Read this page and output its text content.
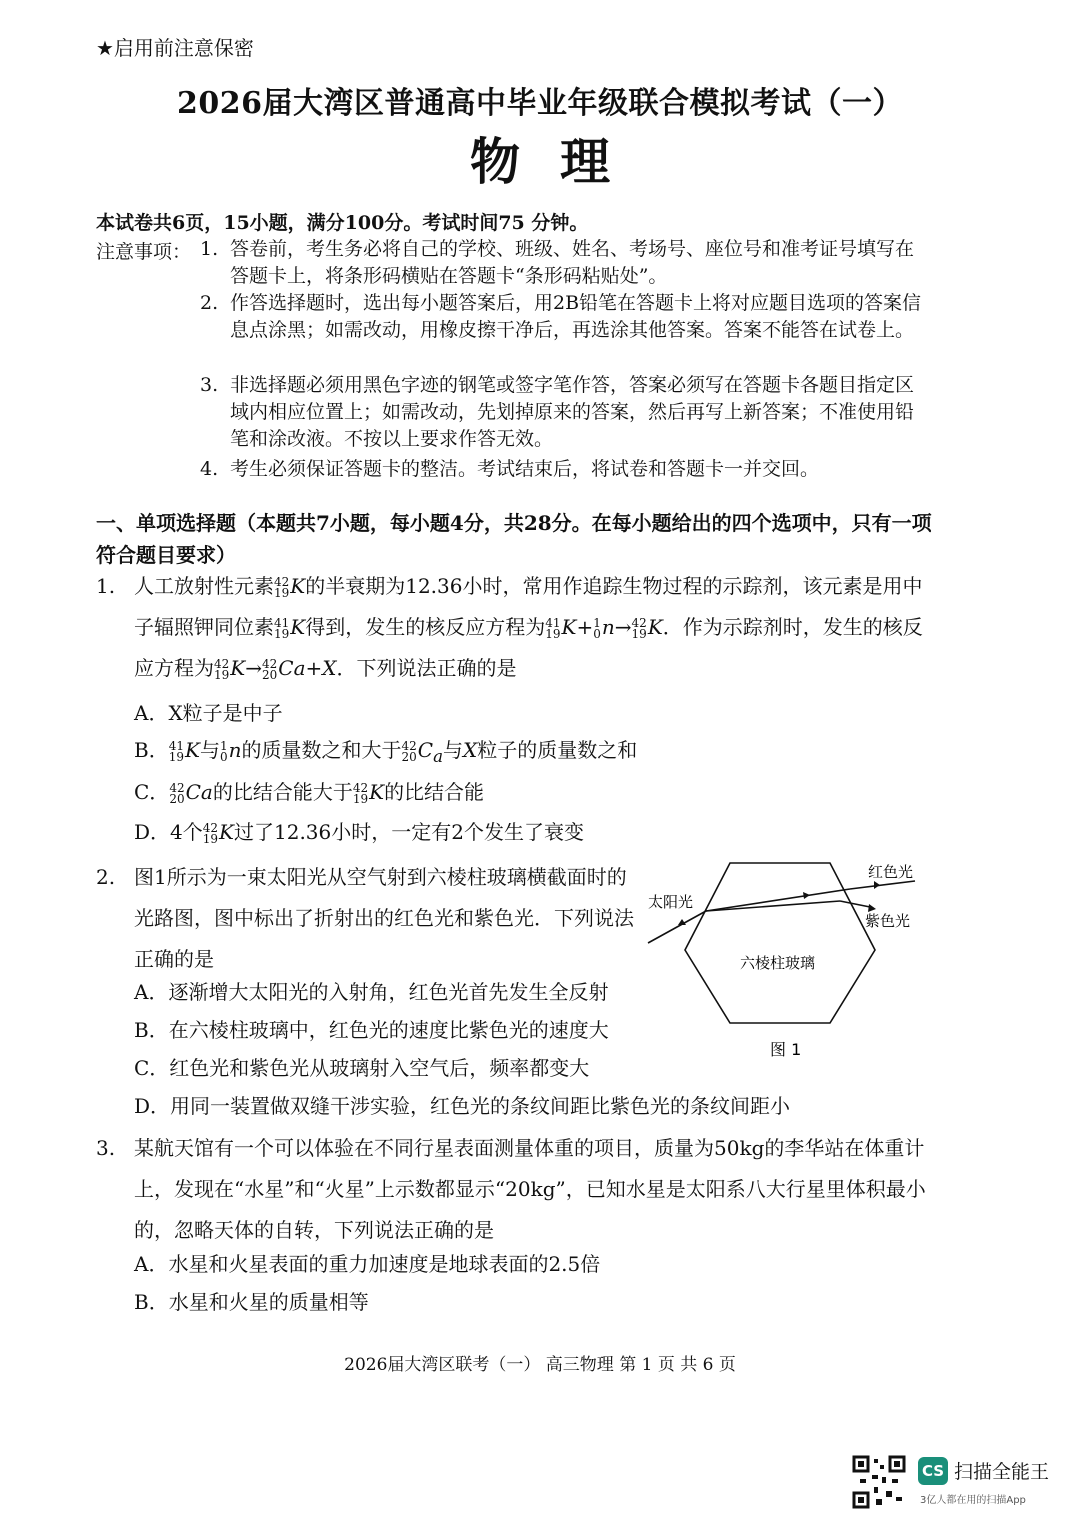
★启用前注意保密
2026届大湾区普通高中毕业年级联合模拟考试（一）
物理
本试卷共6页，15小题，满分100分。考试时间75 分钟。
注意事项： 1. 答卷前，考生务必将自己的学校、班级、姓名、考场号、座位号和准考证号填写在答题卡上，将条形码横贴在答题卡“条形码粘贴处”。
2. 作答选择题时，选出每小题答案后，用2B铅笔在答题卡上将对应题目选项的答案信息点涂黑；如需改动，用橡皮擦干净后，再选涂其他答案。答案不能答在试卷上。
3. 非选择题必须用黑色字迹的钢笔或签字笔作答，答案必须写在答题卡各题目指定区域内相应位置上；如需改动，先划掉原来的答案，然后再写上新答案；不准使用铅笔和涂改液。不按以上要求作答无效。
4. 考生必须保证答题卡的整洁。考试结束后，将试卷和答题卡一并交回。
一、单项选择题（本题共7小题，每小题4分，共28分。在每小题给出的四个选项中，只有一项符合题目要求）
1. 人工放射性元素 42
19 K的半衰期为12.36小时，常用作追踪生物过程的示踪剂，该元素是用中子辐照钾同位素 41
19 K得到，发生的核反应方程为 41
19 K+ 1
0 n→ 42
19 K．作为示踪剂时，发生的核反应方程为 42
19 K→ 42
20 Ca+X．下列说法正确的是
A．X粒子是中子
B． 41
19 K与 1
0 n的质量数之和大于 42
20 $C_a$与X粒子的质量数之和
C． 42
20 Ca的比结合能大于 42
19 K的比结合能
D．4个 42
19 K过了12.36小时，一定有2个发生了衰变
2. 图1所示为一束太阳光从空气射到六棱柱玻璃横截面时的光路图，图中标出了折射出的红色光和紫色光．下列说法正确的是
A．逐渐增大太阳光的入射角，红色光首先发生全反射
B．在六棱柱玻璃中，红色光的速度比紫色光的速度大
C．红色光和紫色光从玻璃射入空气后，频率都变大
D．用同一装置做双缝干涉实验，红色光的条纹间距比紫色光的条纹间距小
太阳光
红色光
紫色光
六棱柱玻璃
图 1
3. 某航天馆有一个可以体验在不同行星表面测量体重的项目，质量为50kg的李华站在体重计上，发现在“水星”和“火星”上示数都显示“20kg”，已知水星是太阳系八大行星里体积最小的，忽略天体的自转，下列说法正确的是
A．水星和火星表面的重力加速度是地球表面的2.5倍
B．水星和火星的质量相等
2026届大湾区联考（一） 高三物理 第 1 页 共 6 页
CS 扫描全能王
3亿人都在用的扫描App
